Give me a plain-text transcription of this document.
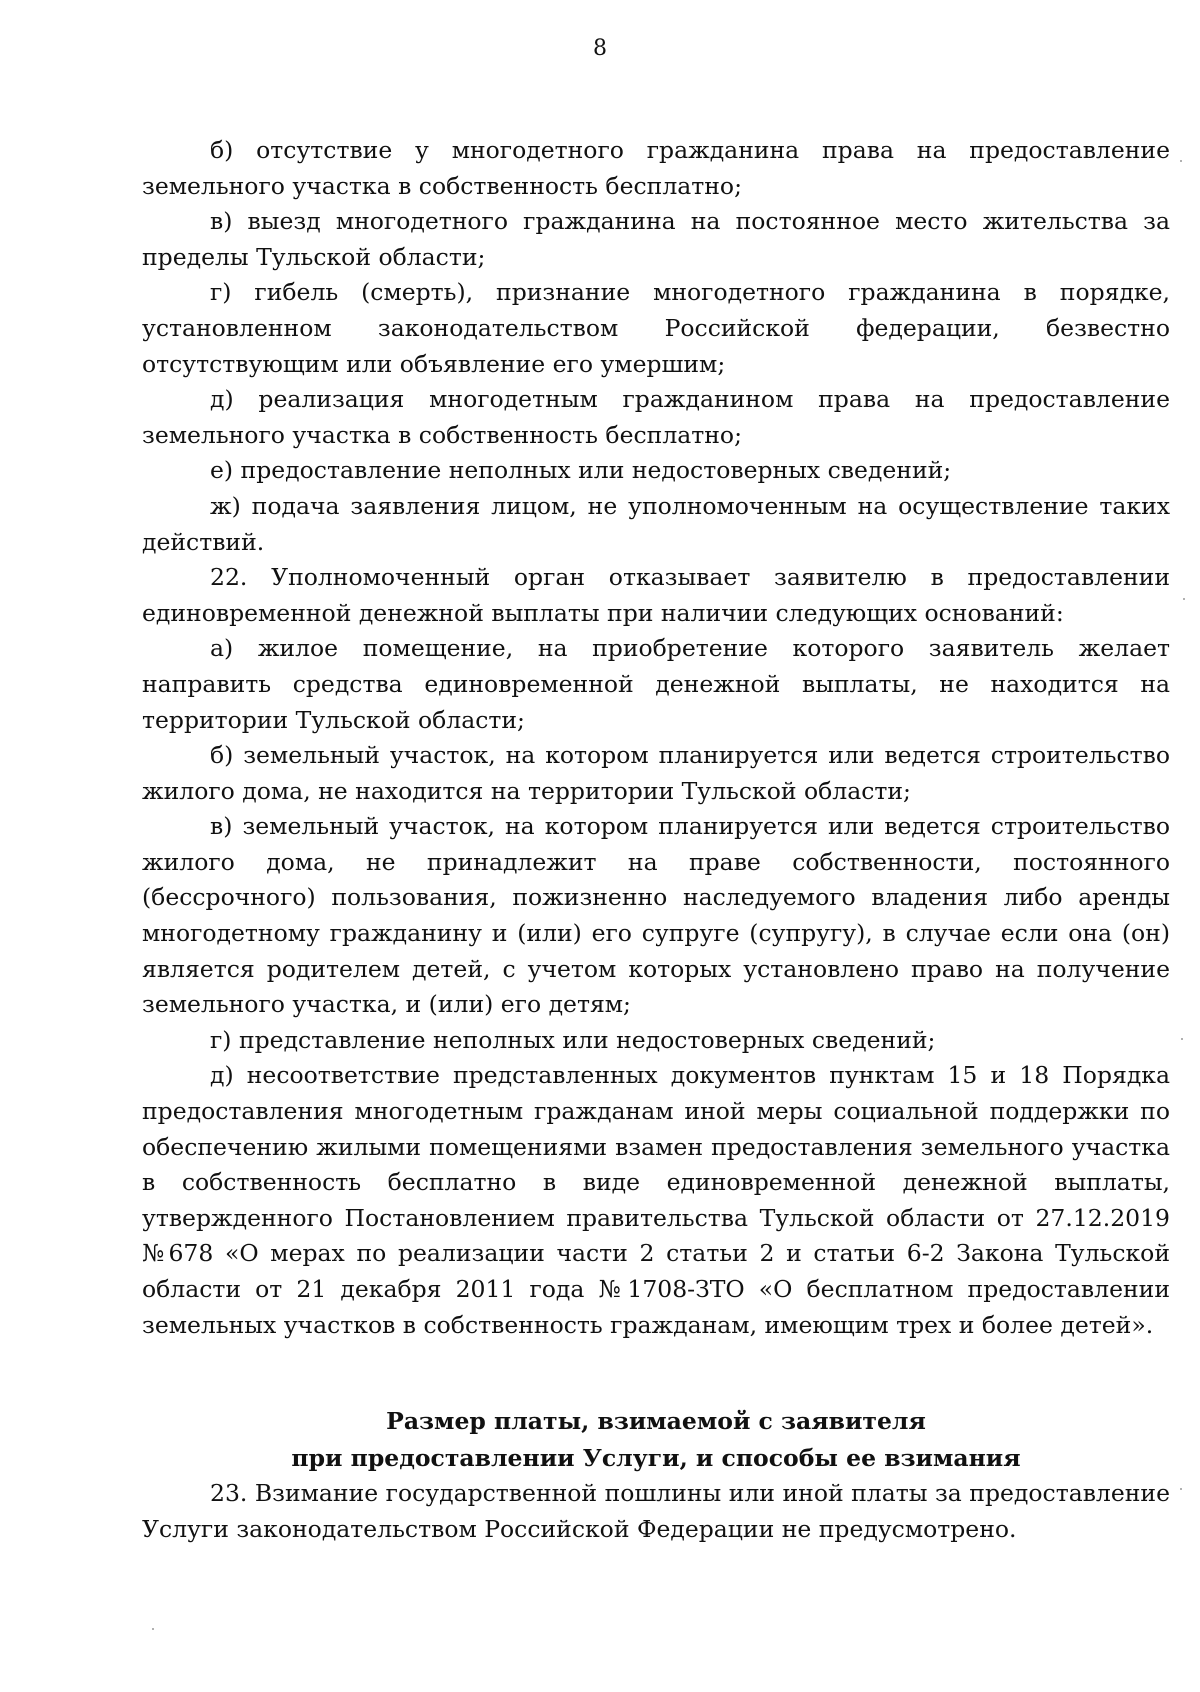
8

б) отсутствие у многодетного гражданина права на предоставление земельного участка в собственность бесплатно;

в) выезд многодетного гражданина на постоянное место жительства за пределы Тульской области;

г) гибель (смерть), признание многодетного гражданина в порядке, установленном законодательством Российской федерации, безвестно отсутствующим или объявление его умершим;

д) реализация многодетным гражданином права на предоставление земельного участка в собственность бесплатно;

е) предоставление неполных или недостоверных сведений;

ж) подача заявления лицом, не уполномоченным на осуществление таких действий.

22. Уполномоченный орган отказывает заявителю в предоставлении единовременной денежной выплаты при наличии следующих оснований:

а) жилое помещение, на приобретение которого заявитель желает направить средства единовременной денежной выплаты, не находится на территории Тульской области;

б) земельный участок, на котором планируется или ведется строительство жилого дома, не находится на территории Тульской области;

в) земельный участок, на котором планируется или ведется строительство жилого дома, не принадлежит на праве собственности, постоянного (бессрочного) пользования, пожизненно наследуемого владения либо аренды многодетному гражданину и (или) его супруге (супругу), в случае если она (он) является родителем детей, с учетом которых установлено право на получение земельного участка, и (или) его детям;

г) представление неполных или недостоверных сведений;

д) несоответствие представленных документов пунктам 15 и 18 Порядка предоставления многодетным гражданам иной меры социальной поддержки по обеспечению жилыми помещениями взамен предоставления земельного участка в собственность бесплатно в виде единовременной денежной выплаты, утвержденного Постановлением правительства Тульской области от 27.12.2019 №678 «О мерах по реализации части 2 статьи 2 и статьи 6-2 Закона Тульской области от 21 декабря 2011 года №1708-ЗТО «О бесплатном предоставлении земельных участков в собственность гражданам, имеющим трех и более детей».

Размер платы, взимаемой с заявителя

при предоставлении Услуги, и способы ее взимания

23. Взимание государственной пошлины или иной платы за предоставление Услуги законодательством Российской Федерации не предусмотрено.
